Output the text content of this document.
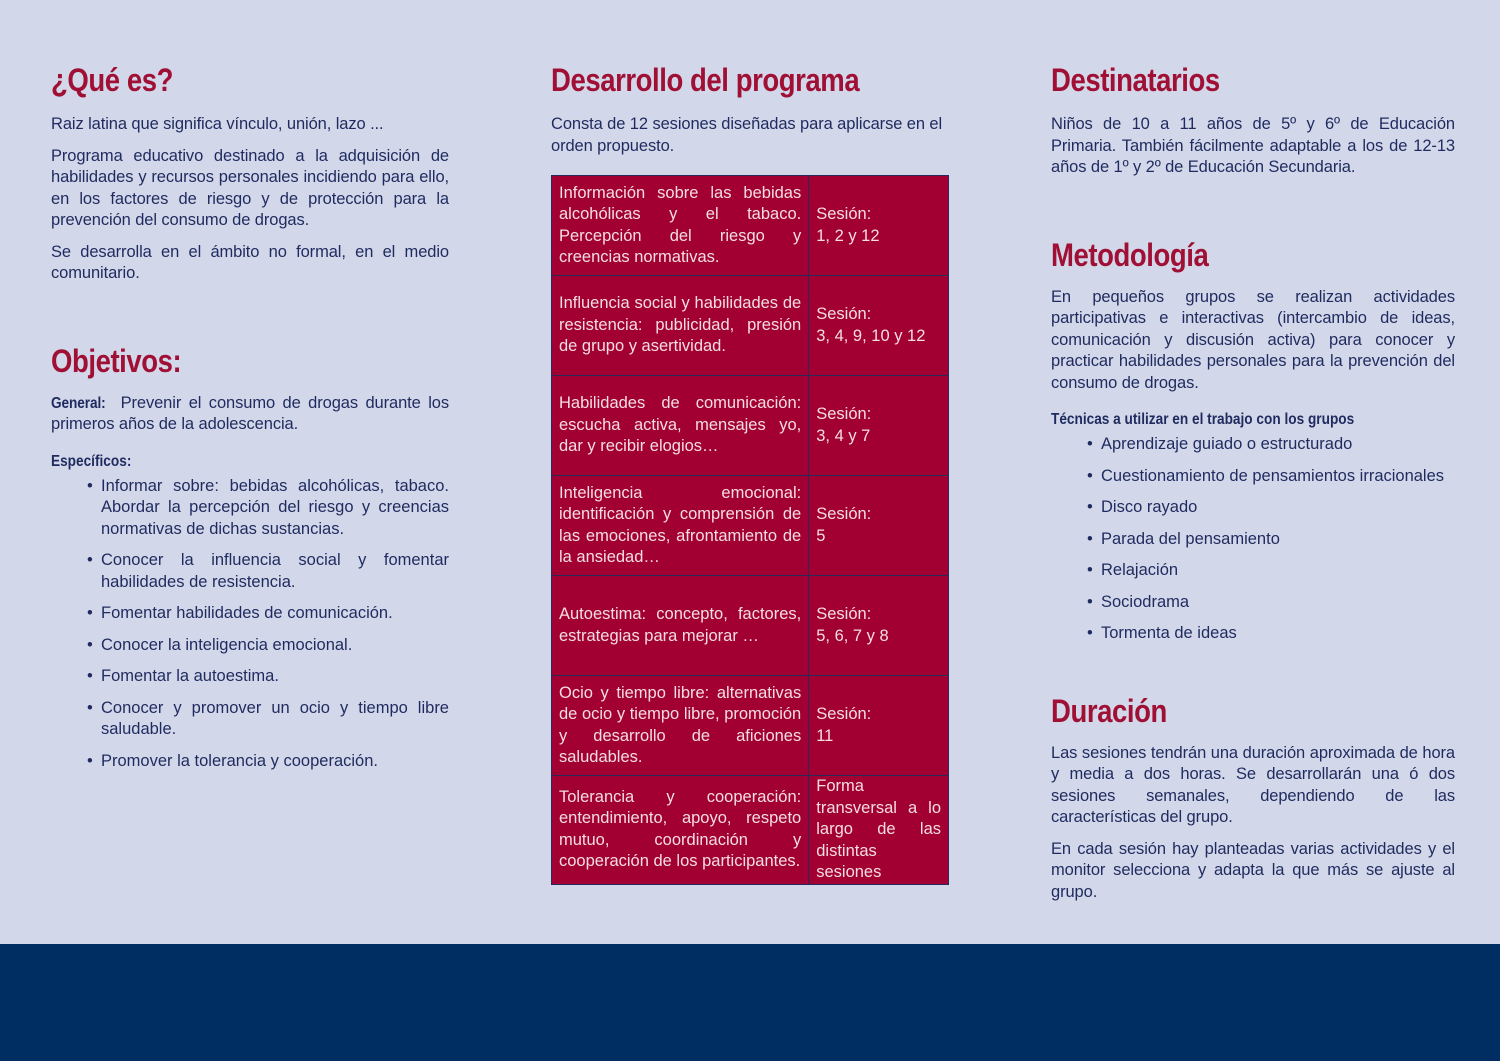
¿Qué es?

Raiz latina que significa vínculo, unión, lazo ...

Programa educativo destinado a la adquisición de habilidades y recursos personales incidiendo para ello, en los factores de riesgo y de protección para la prevención del consumo de drogas.

Se desarrolla en el ámbito no formal, en el medio comunitario.

Objetivos:

General: Prevenir el consumo de drogas durante los primeros años de la adolescencia.

Específicos:
• Informar sobre: bebidas alcohólicas, tabaco. Abordar la percepción del riesgo y creencias normativas de dichas sustancias.
• Conocer la influencia social y fomentar habilidades de resistencia.
• Fomentar habilidades de comunicación.
• Conocer la inteligencia emocional.
• Fomentar la autoestima.
• Conocer y promover un ocio y tiempo libre saludable.
• Promover la tolerancia y cooperación.
Desarrollo del programa

Consta de 12 sesiones diseñadas para aplicarse en el orden propuesto.

Información sobre las bebidas alcohólicas y el tabaco. Percepción del riesgo y creencias normativas.	Sesión:
1, 2 y 12

Influencia social y habilidades de resistencia: publicidad, presión de grupo y asertividad.	Sesión:
3, 4, 9, 10 y 12

Habilidades de comunicación: escucha activa, mensajes yo, dar y recibir elogios…	Sesión:
3, 4 y 7

Inteligencia emocional: identificación y comprensión de las emociones, afrontamiento de la ansiedad…	Sesión:
5

Autoestima: concepto, factores, estrategias para mejorar …	Sesión:
5, 6, 7 y 8

Ocio y tiempo libre: alternativas de ocio y tiempo libre, promoción y desarrollo de aficiones saludables.	Sesión:
11

Tolerancia y cooperación: entendimiento, apoyo, respeto mutuo, coordinación y cooperación de los participantes.	Forma transversal a lo largo de las distintas sesiones
Destinatarios

Niños de 10 a 11 años de 5º y 6º de Educación Primaria. También fácilmente adaptable a los de 12-13 años de 1º y 2º de Educación Secundaria.

Metodología

En pequeños grupos se realizan actividades participativas e interactivas (intercambio de ideas, comunicación y discusión activa) para conocer y practicar habilidades personales para la prevención del consumo de drogas.

Técnicas a utilizar en el trabajo con los grupos
• Aprendizaje guiado o estructurado
• Cuestionamiento de pensamientos irracionales
• Disco rayado
• Parada del pensamiento
• Relajación
• Sociodrama
• Tormenta de ideas
Duración

Las sesiones tendrán una duración aproximada de hora y media a dos horas. Se desarrollarán una ó dos sesiones semanales, dependiendo de las características del grupo.

En cada sesión hay planteadas varias actividades y el monitor selecciona y adapta la que más se ajuste al grupo.
